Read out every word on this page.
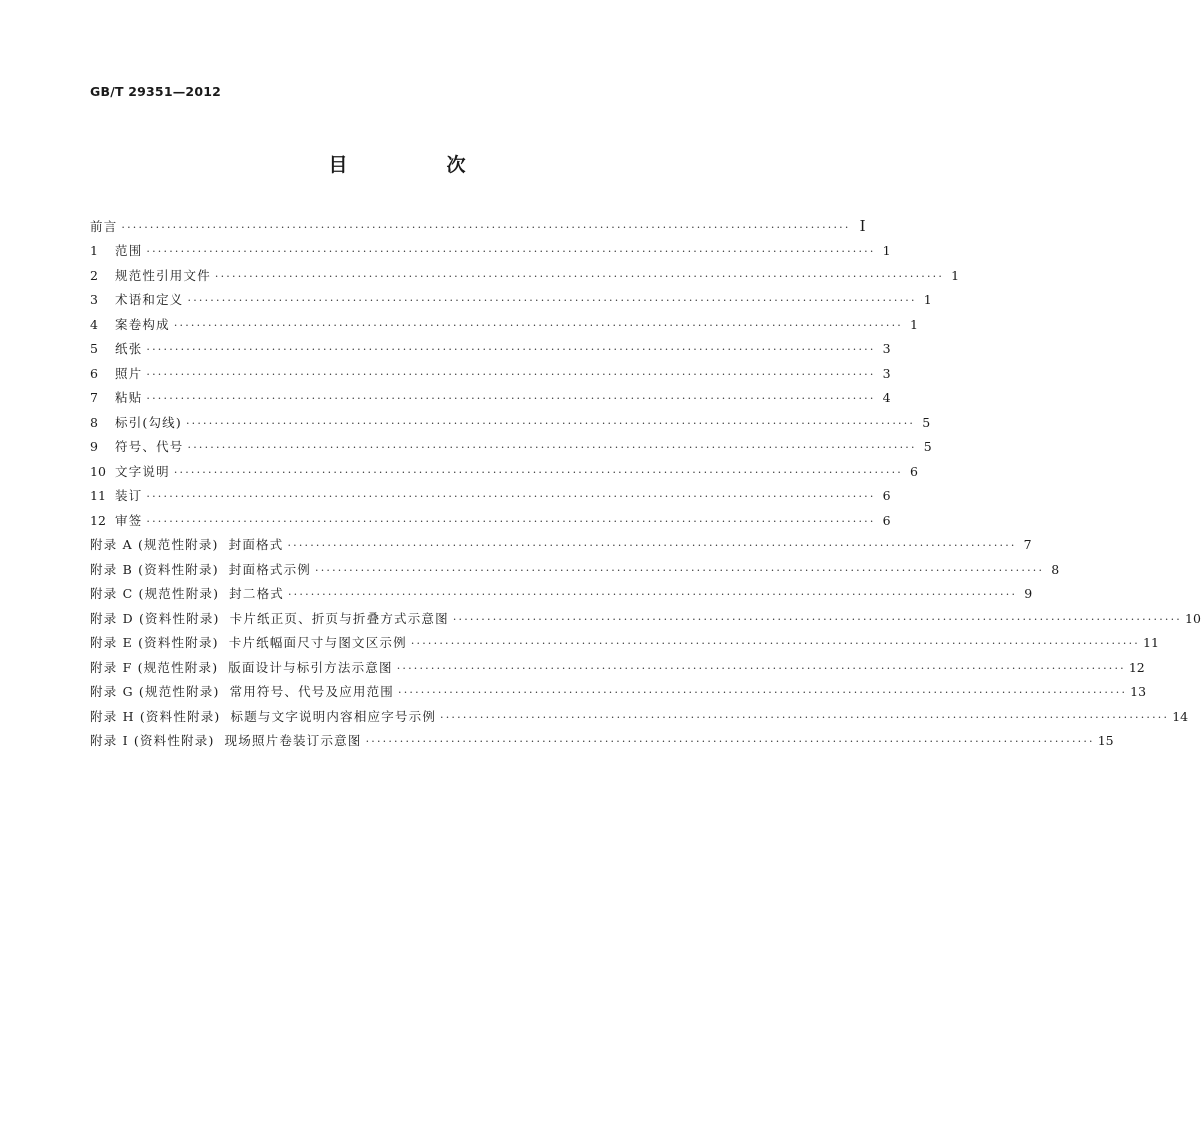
GB/T 29351—2012
目　次
前言 ································································································································ Ⅰ
1 范围 ································································································································ 1
2 规范性引用文件 ································································································································ 1
3 术语和定义 ································································································································ 1
4 案卷构成 ································································································································ 1
5 纸张 ································································································································ 3
6 照片 ································································································································ 3
7 粘贴 ································································································································ 4
8 标引(勾线) ································································································································ 5
9 符号、代号 ································································································································ 5
10 文字说明 ································································································································ 6
11 装订 ································································································································ 6
12 审签 ································································································································ 6
附录 A (规范性附录) 封面格式 ································································································································ 7
附录 B (资料性附录) 封面格式示例 ································································································································ 8
附录 C (规范性附录) 封二格式 ································································································································ 9
附录 D (资料性附录) 卡片纸正页、折页与折叠方式示意图 ································································································································ 10
附录 E (资料性附录) 卡片纸幅面尺寸与图文区示例 ································································································································ 11
附录 F (规范性附录) 版面设计与标引方法示意图 ································································································································ 12
附录 G (规范性附录) 常用符号、代号及应用范围 ································································································································ 13
附录 H (资料性附录) 标题与文字说明内容相应字号示例 ································································································································ 14
附录 I (资料性附录) 现场照片卷装订示意图 ································································································································ 15
